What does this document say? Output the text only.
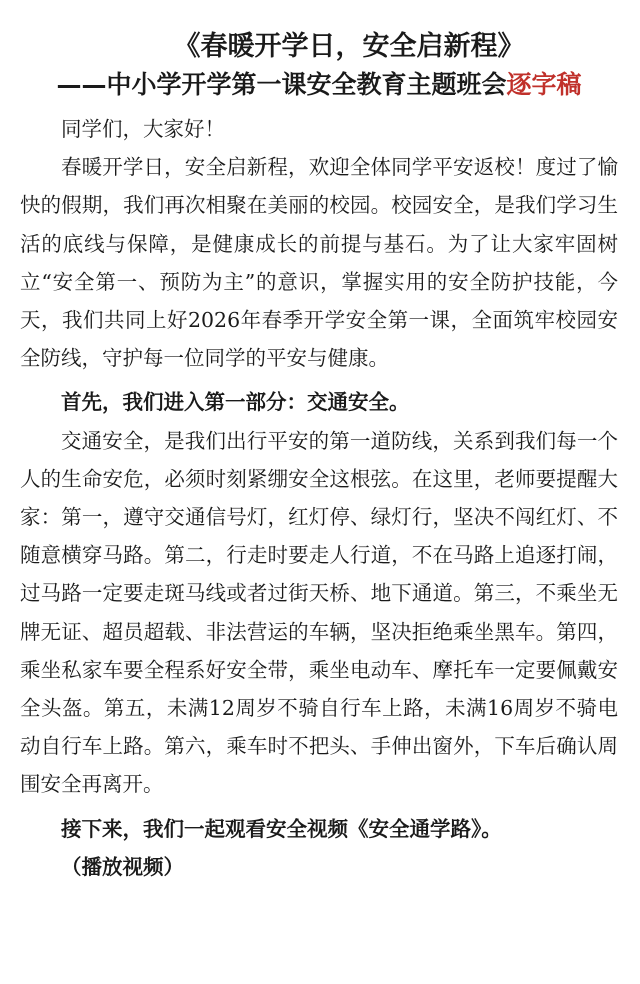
《春暖开学日，安全启新程》
——中小学开学第一课安全教育主题班会逐字稿

同学们，大家好！

春暖开学日，安全启新程，欢迎全体同学平安返校！度过了愉快的假期，我们再次相聚在美丽的校园。校园安全，是我们学习生活的底线与保障，是健康成长的前提与基石。为了让大家牢固树立“安全第一、预防为主”的意识，掌握实用的安全防护技能，今天，我们共同上好2026年春季开学安全第一课，全面筑牢校园安全防线，守护每一位同学的平安与健康。

首先，我们进入第一部分：交通安全。

交通安全，是我们出行平安的第一道防线，关系到我们每一个人的生命安危，必须时刻紧绷安全这根弦。在这里，老师要提醒大家：第一，遵守交通信号灯，红灯停、绿灯行，坚决不闯红灯、不随意横穿马路。第二，行走时要走人行道，不在马路上追逐打闹，过马路一定要走斑马线或者过街天桥、地下通道。第三，不乘坐无牌无证、超员超载、非法营运的车辆，坚决拒绝乘坐黑车。第四，乘坐私家车要全程系好安全带，乘坐电动车、摩托车一定要佩戴安全头盔。第五，未满12周岁不骑自行车上路，未满16周岁不骑电动自行车上路。第六，乘车时不把头、手伸出窗外，下车后确认周围安全再离开。

接下来，我们一起观看安全视频《安全通学路》。

（播放视频）
